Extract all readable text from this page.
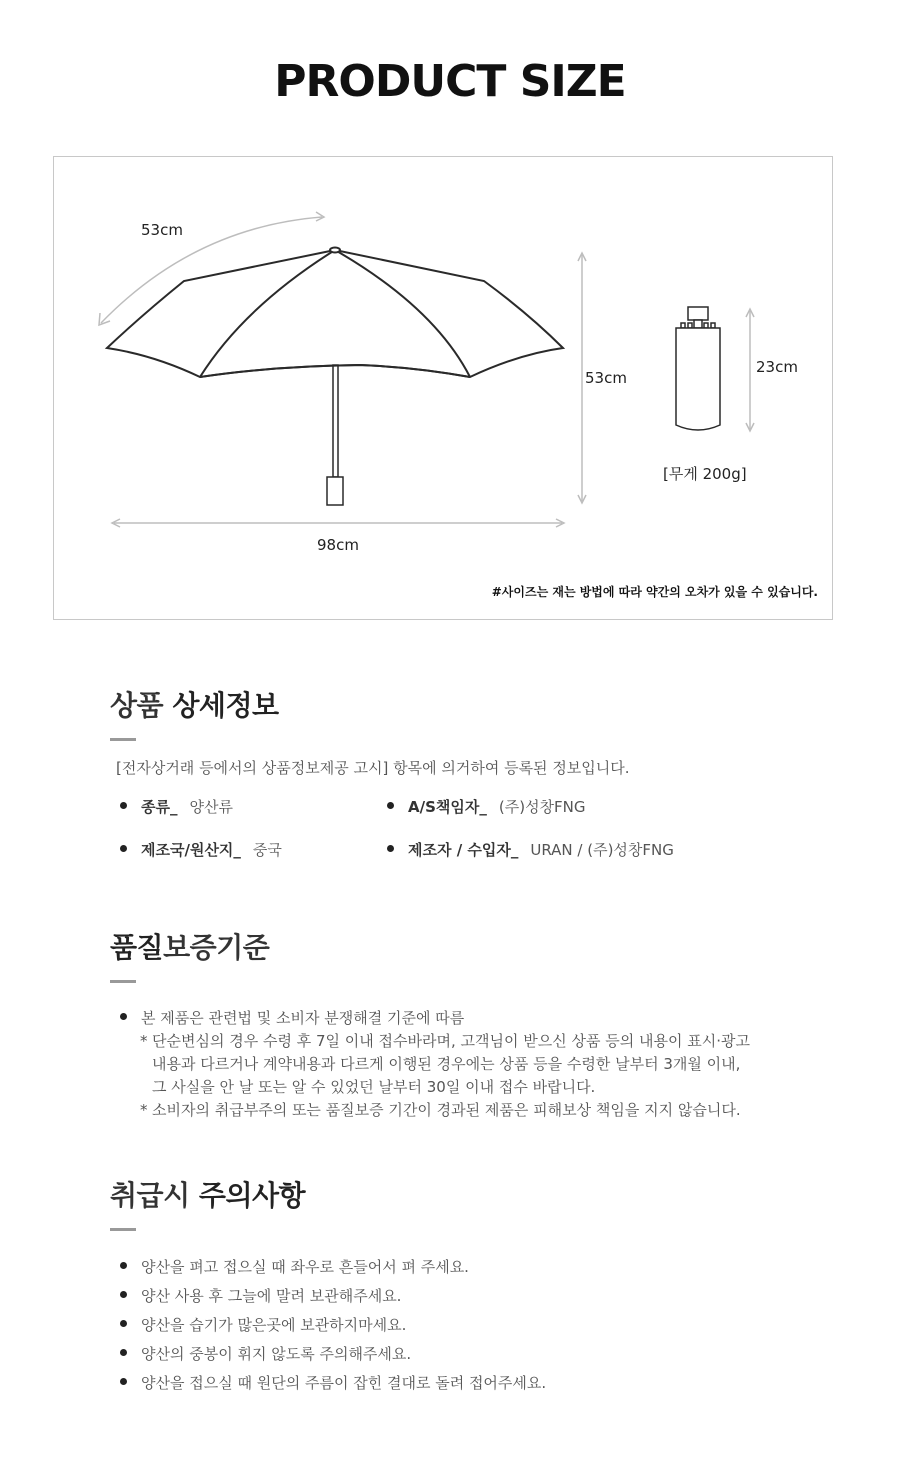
PRODUCT SIZE
53cm
53cm
98cm
23cm
[무게 200g]
#사이즈는 재는 방법에 따라 약간의 오차가 있을 수 있습니다.
상품 상세정보
[전자상거래 등에서의 상품정보제공 고시] 항목에 의거하여 등록된 정보입니다.
종류_ 양산류	A/S책임자_ (주)성창FNG
제조국/원산지_ 중국	제조자 / 수입자_ URAN / (주)성창FNG
품질보증기준
본 제품은 관련법 및 소비자 분쟁해결 기준에 따름
* 단순변심의 경우 수령 후 7일 이내 접수바라며, 고객님이 받으신 상품 등의 내용이 표시·광고
내용과 다르거나 계약내용과 다르게 이행된 경우에는 상품 등을 수령한 날부터 3개월 이내,
그 사실을 안 날 또는 알 수 있었던 날부터 30일 이내 접수 바랍니다.
* 소비자의 취급부주의 또는 품질보증 기간이 경과된 제품은 피해보상 책임을 지지 않습니다.
취급시 주의사항
양산을 펴고 접으실 때 좌우로 흔들어서 펴 주세요.
양산 사용 후 그늘에 말려 보관해주세요.
양산을 습기가 많은곳에 보관하지마세요.
양산의 중봉이 휘지 않도록 주의해주세요.
양산을 접으실 때 원단의 주름이 잡힌 결대로 돌려 접어주세요.
